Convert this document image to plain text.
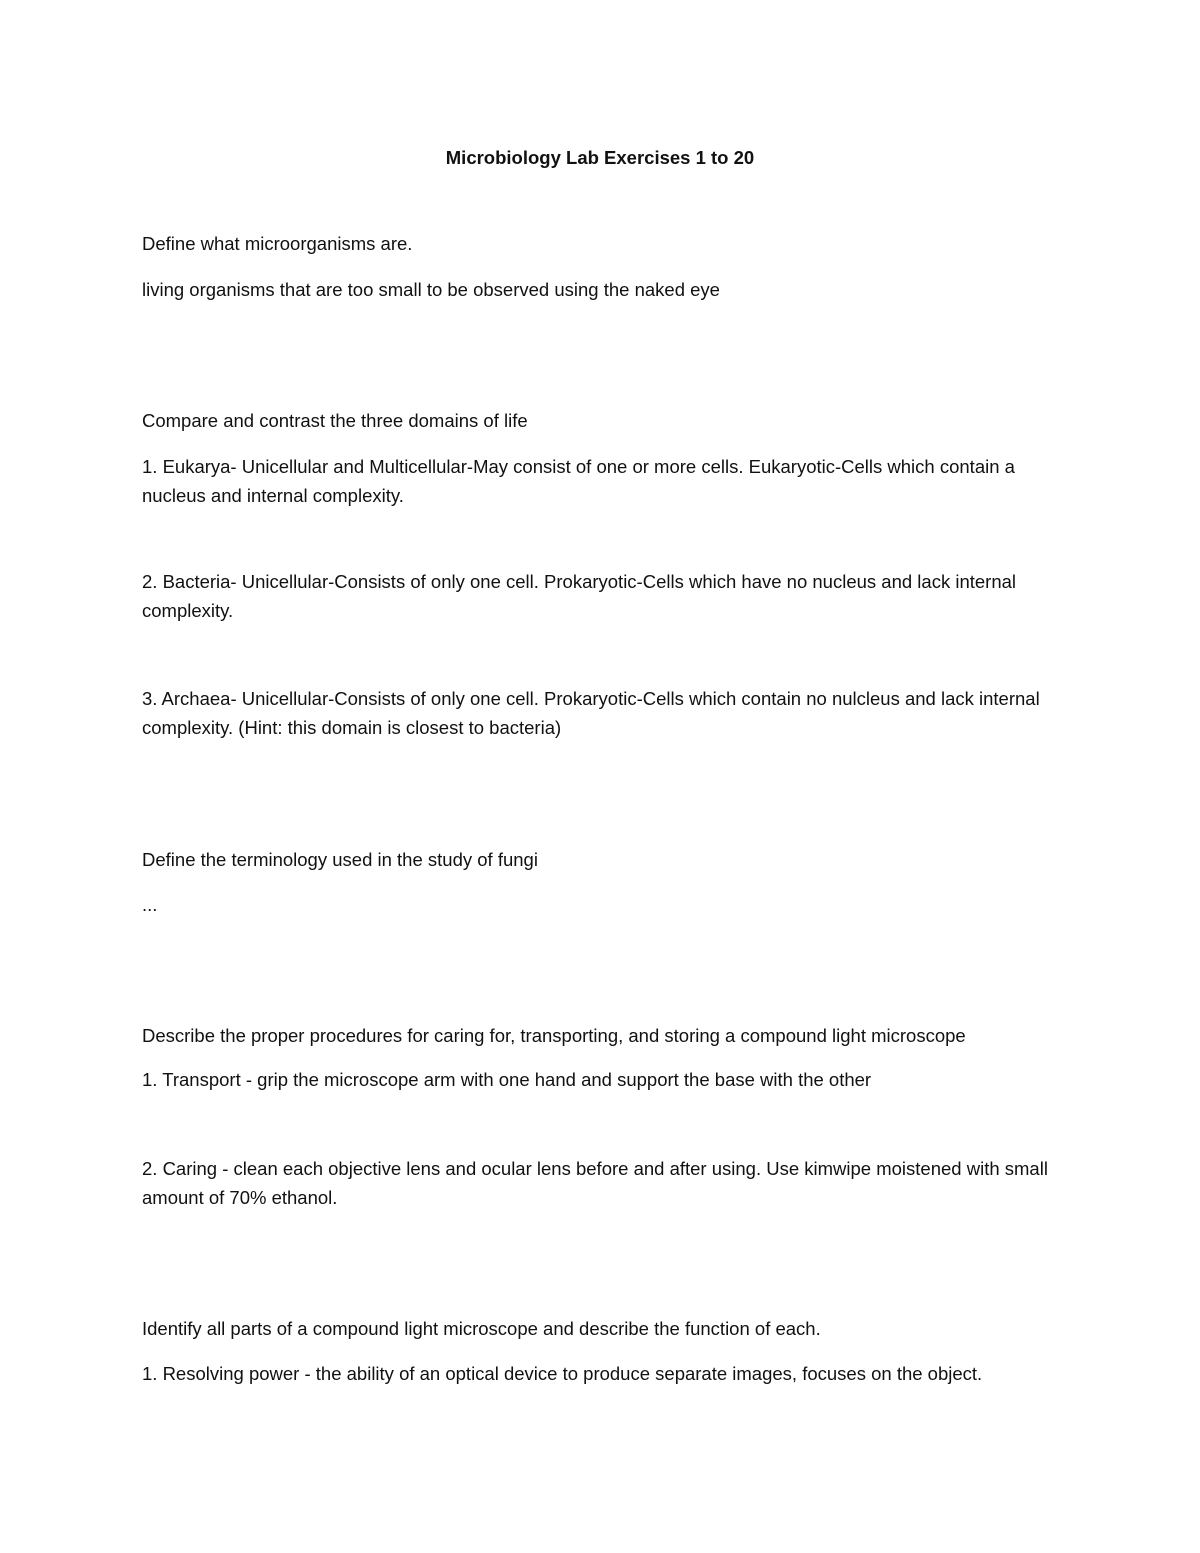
Microbiology Lab Exercises 1 to 20
Define what microorganisms are.
living organisms that are too small to be observed using the naked eye
Compare and contrast the three domains of life
1. Eukarya- Unicellular and Multicellular-May consist of one or more cells. Eukaryotic-Cells which contain a nucleus and internal complexity.
2. Bacteria- Unicellular-Consists of only one cell. Prokaryotic-Cells which have no nucleus and lack internal complexity.
3. Archaea- Unicellular-Consists of only one cell. Prokaryotic-Cells which contain no nulcleus and lack internal complexity. (Hint: this domain is closest to bacteria)
Define the terminology used in the study of fungi
...
Describe the proper procedures for caring for, transporting, and storing a compound light microscope
1. Transport - grip the microscope arm with one hand and support the base with the other
2. Caring - clean each objective lens and ocular lens before and after using. Use kimwipe moistened with small amount of 70% ethanol.
Identify all parts of a compound light microscope and describe the function of each.
1. Resolving power - the ability of an optical device to produce separate images, focuses on the object.
